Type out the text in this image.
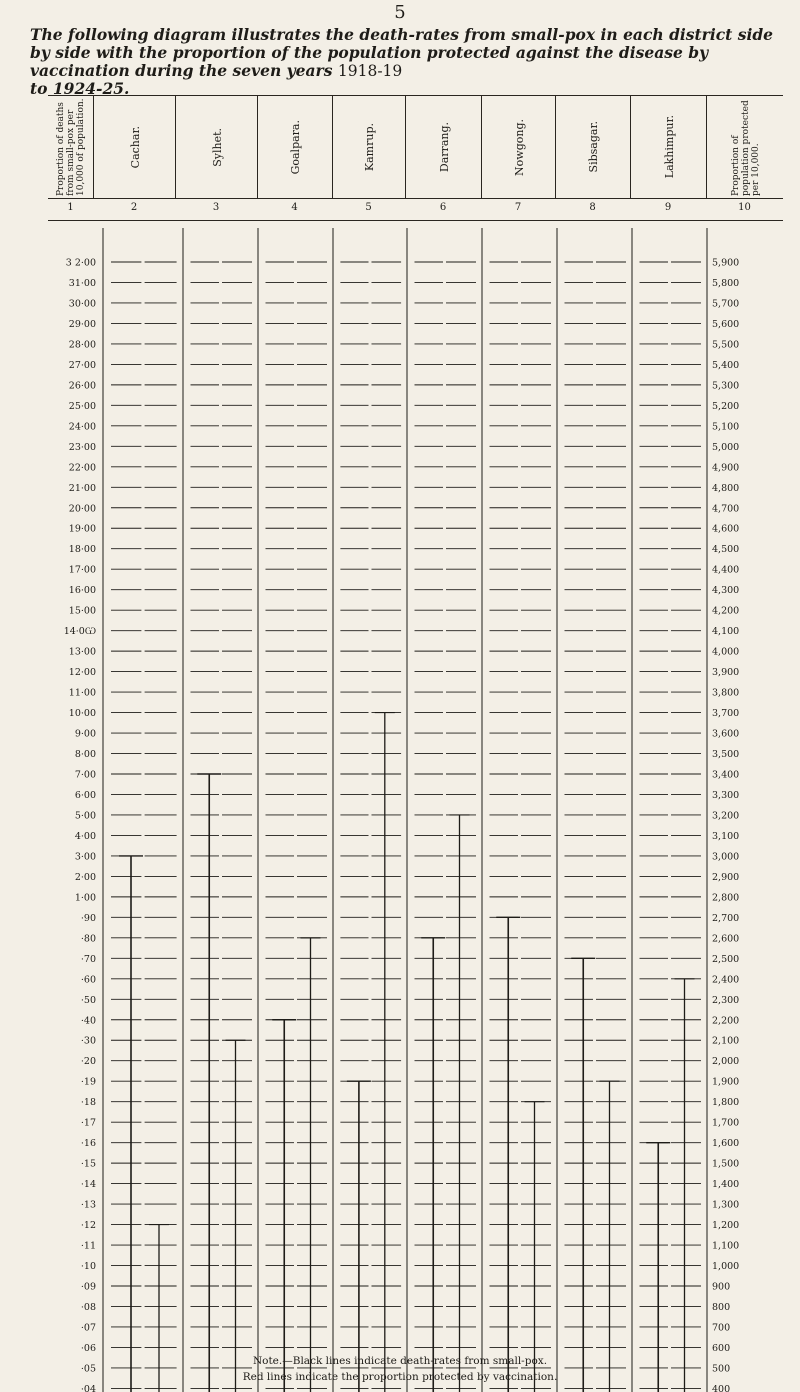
5
The following diagram illustrates the death-rates from small-pox in each district side by side with the proportion of the population protected against the disease by vaccination during the seven years 1918-19
to 1924-25.
Proportion of deaths from small-pox per 10,000 of population.	Cachar.	Sylhet.	Goalpara.	Kamrup.	Darrang.	Nowgong.	Sibsagar.	Lakhimpur.	Proportion of population protected per 10,000.
1	2	3	4	5	6	7	8	9	10
3 2·00	5,900
31·00	5,800
30·00	5,700
29·00	5,600
28·00	5,500
27·00	5,400
26·00	5,300
25·00	5,200
24·00	5,100
23·00	5,000
22·00	4,900
21·00	4,800
20·00	4,700
19·00	4,600
18·00	4,500
17·00	4,400
16·00	4,300
15·00	4,200
14·0Ѡ	4,100
13·00	4,000
12·00	3,900
11·00	3,800
10·00	3,700
9·00	3,600
8·00	3,500
7·00	3,400
6·00	3,300
5·00	3,200
4·00	3,100
3·00	3,000
2·00	2,900
1·00	2,800
·90	2,700
·80	2,600
·70	2,500
·60	2,400
·50	2,300
·40	2,200
·30	2,100
·20	2,000
·19	1,900
·18	1,800
·17	1,700
·16	1,600
·15	1,500
·14	1,400
·13	1,300
·12	1,200
·11	1,100
·10	1,000
·09	900
·08	800
·07	700
·06	600
·05	500
·04	400
Note.—Black lines indicate death-rates from small-pox.
Red lines indicate the proportion protected by vaccination.
